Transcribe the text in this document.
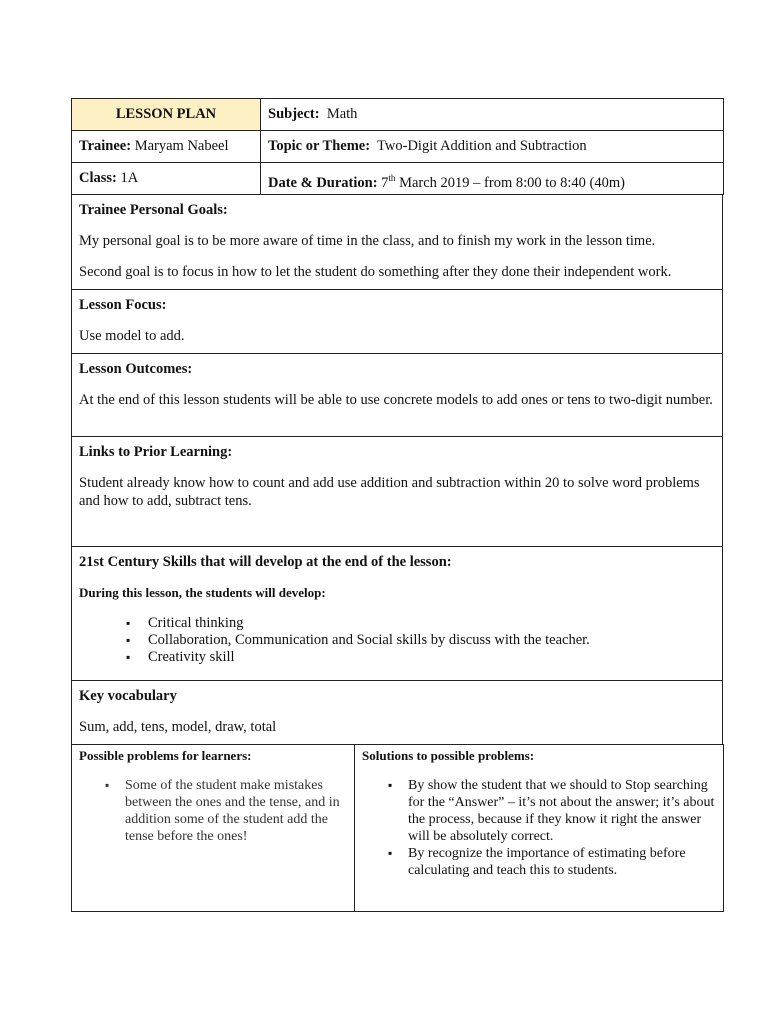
LESSON PLAN	Subject: Math
Trainee: Maryam Nabeel	Topic or Theme: Two-Digit Addition and Subtraction
Class: 1A	Date & Duration: 7th March 2019 – from 8:00 to 8:40 (40m)

Trainee Personal Goals:

My personal goal is to be more aware of time in the class, and to finish my work in the lesson time.

Second goal is to focus in how to let the student do something after they done their independent work.

Lesson Focus:

Use model to add.

Lesson Outcomes:

At the end of this lesson students will be able to use concrete models to add ones or tens to two-digit number.

Links to Prior Learning:

Student already know how to count and add use addition and subtraction within 20 to solve word problems and how to add, subtract tens.

21st Century Skills that will develop at the end of the lesson:

During this lesson, the students will develop:

▪ Critical thinking
▪ Collaboration, Communication and Social skills by discuss with the teacher.
▪ Creativity skill

Key vocabulary

Sum, add, tens, model, draw, total

Possible problems for learners:

▪ Some of the student make mistakes between the ones and the tense, and in addition some of the student add the tense before the ones!

Solutions to possible problems:

▪ By show the student that we should to Stop searching for the “Answer” – it’s not about the answer; it’s about the process, because if they know it right the answer will be absolutely correct.
▪ By recognize the importance of estimating before calculating and teach this to students.
